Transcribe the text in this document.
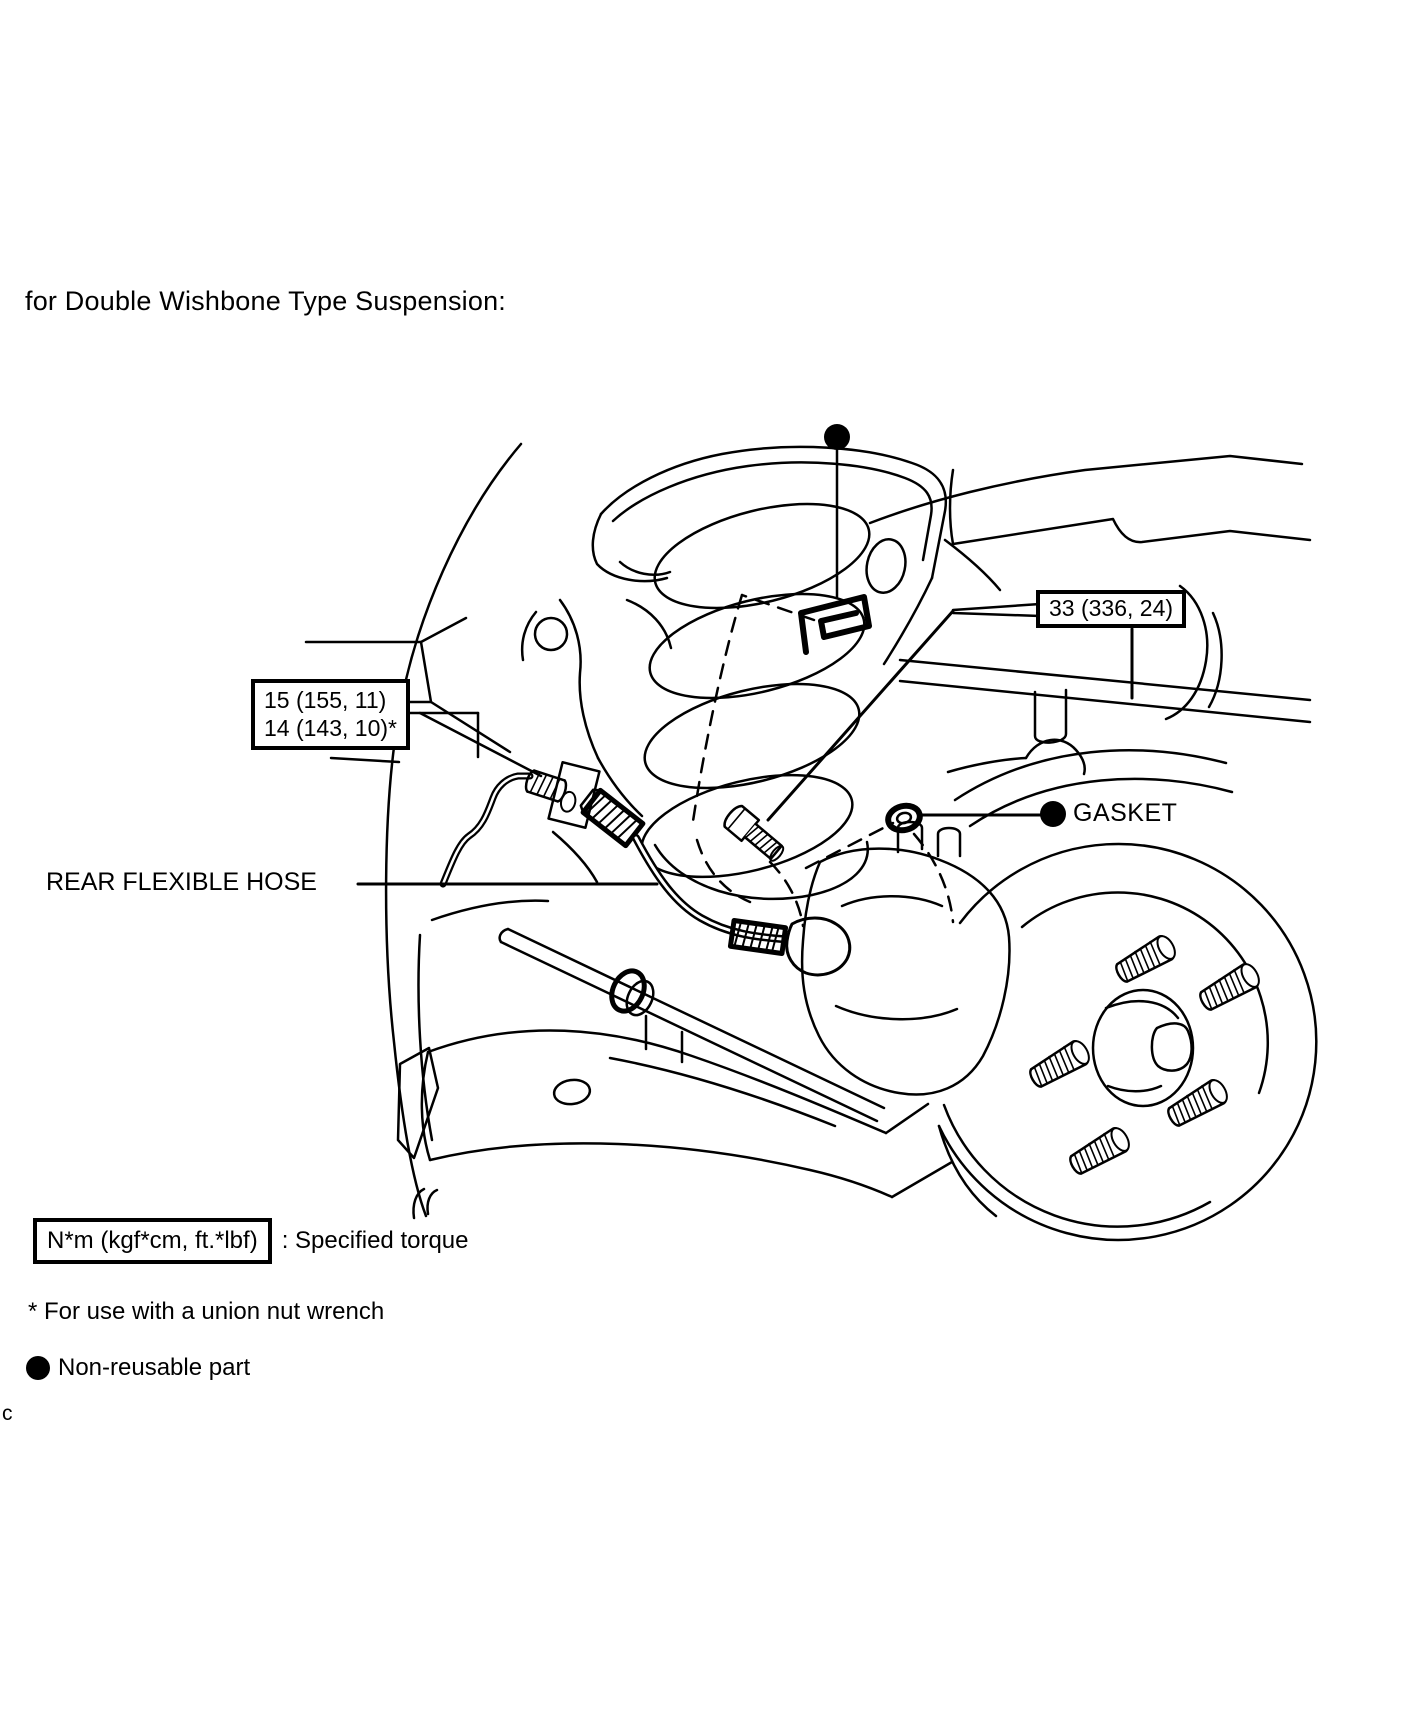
for Double Wishbone Type Suspension:
33 (336, 24)
15 (155, 11)
14 (143, 10)*
REAR FLEXIBLE HOSE
GASKET
N*m (kgf*cm, ft.*lbf)	: Specified torque
* For use with a union nut wrench
Non-reusable part
c
